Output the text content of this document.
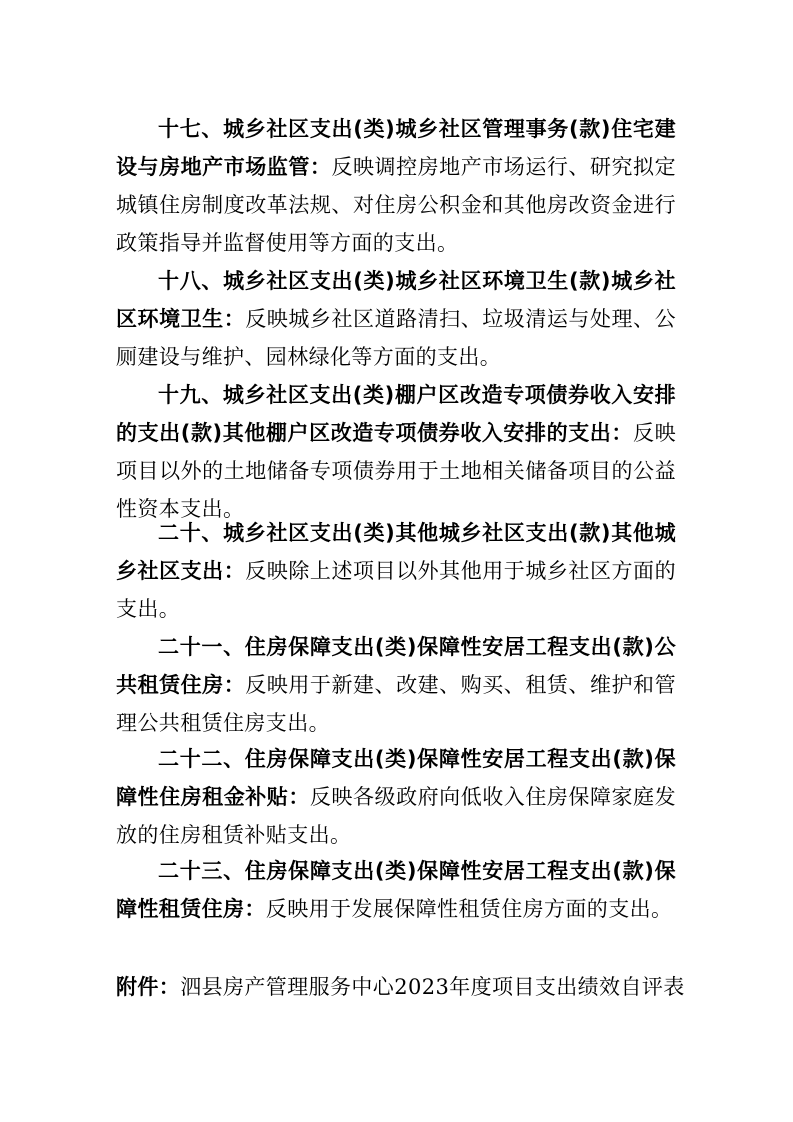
十七、城乡社区支出(类)城乡社区管理事务(款)住宅建设与房地产市场监管：反映调控房地产市场运行、研究拟定城镇住房制度改革法规、对住房公积金和其他房改资金进行政策指导并监督使用等方面的支出。

十八、城乡社区支出(类)城乡社区环境卫生(款)城乡社区环境卫生：反映城乡社区道路清扫、垃圾清运与处理、公厕建设与维护、园林绿化等方面的支出。

十九、城乡社区支出(类)棚户区改造专项债券收入安排的支出(款)其他棚户区改造专项债券收入安排的支出：反映项目以外的土地储备专项债券用于土地相关储备项目的公益性资本支出。

二十、城乡社区支出(类)其他城乡社区支出(款)其他城乡社区支出：反映除上述项目以外其他用于城乡社区方面的支出。

二十一、住房保障支出(类)保障性安居工程支出(款)公共租赁住房：反映用于新建、改建、购买、租赁、维护和管理公共租赁住房支出。

二十二、住房保障支出(类)保障性安居工程支出(款)保障性住房租金补贴：反映各级政府向低收入住房保障家庭发放的住房租赁补贴支出。

二十三、住房保障支出(类)保障性安居工程支出(款)保障性租赁住房：反映用于发展保障性租赁住房方面的支出。

附件：泗县房产管理服务中心2023年度项目支出绩效自评表
